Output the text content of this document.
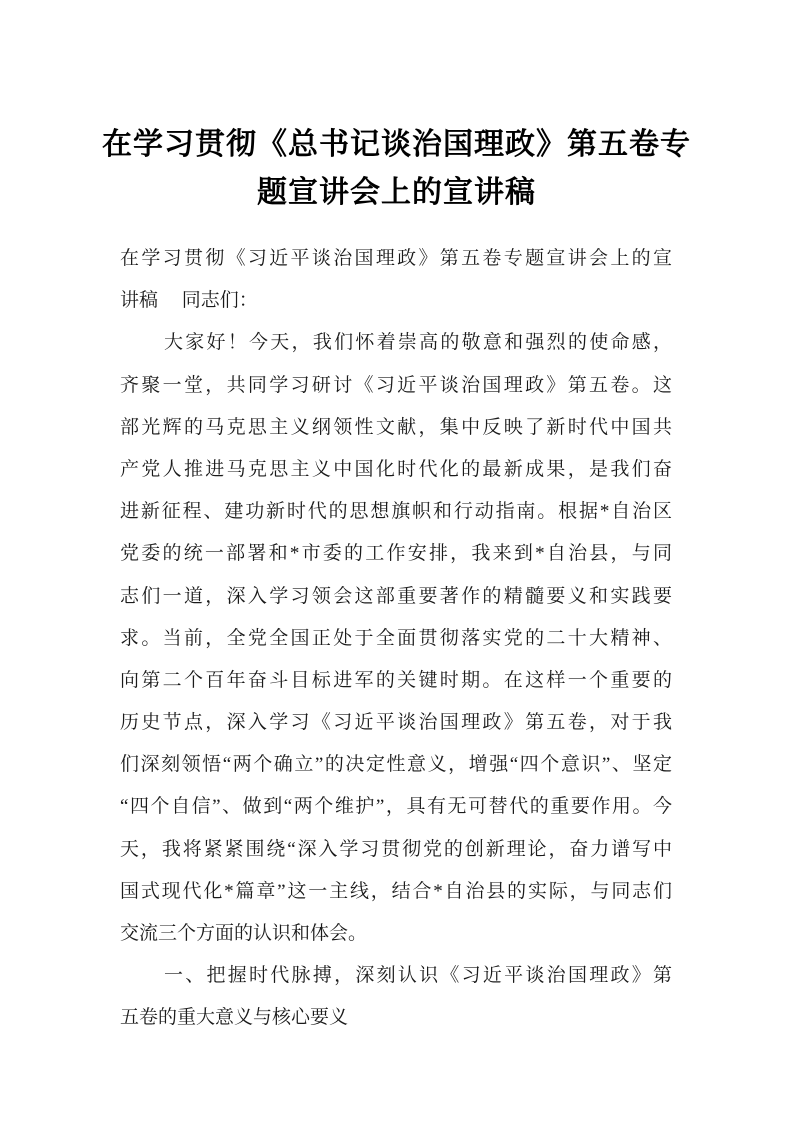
在学习贯彻《总书记谈治国理政》第五卷专
题宣讲会上的宣讲稿
在学习贯彻《习近平谈治国理政》第五卷专题宣讲会上的宣
讲稿　 同志们：
大家好！今天，我们怀着崇高的敬意和强烈的使命感，
齐聚一堂，共同学习研讨《习近平谈治国理政》第五卷。这
部光辉的马克思主义纲领性文献，集中反映了新时代中国共
产党人推进马克思主义中国化时代化的最新成果，是我们奋
进新征程、建功新时代的思想旗帜和行动指南。根据*自治区
党委的统一部署和*市委的工作安排，我来到*自治县，与同
志们一道，深入学习领会这部重要著作的精髓要义和实践要
求。当前，全党全国正处于全面贯彻落实党的二十大精神、
向第二个百年奋斗目标进军的关键时期。在这样一个重要的
历史节点，深入学习《习近平谈治国理政》第五卷，对于我
们深刻领悟“两个确立”的决定性意义，增强“四个意识”、坚定
“四个自信”、做到“两个维护”，具有无可替代的重要作用。今
天，我将紧紧围绕“深入学习贯彻党的创新理论，奋力谱写中
国式现代化*篇章”这一主线，结合*自治县的实际，与同志们
交流三个方面的认识和体会。
一、把握时代脉搏，深刻认识《习近平谈治国理政》第
五卷的重大意义与核心要义
